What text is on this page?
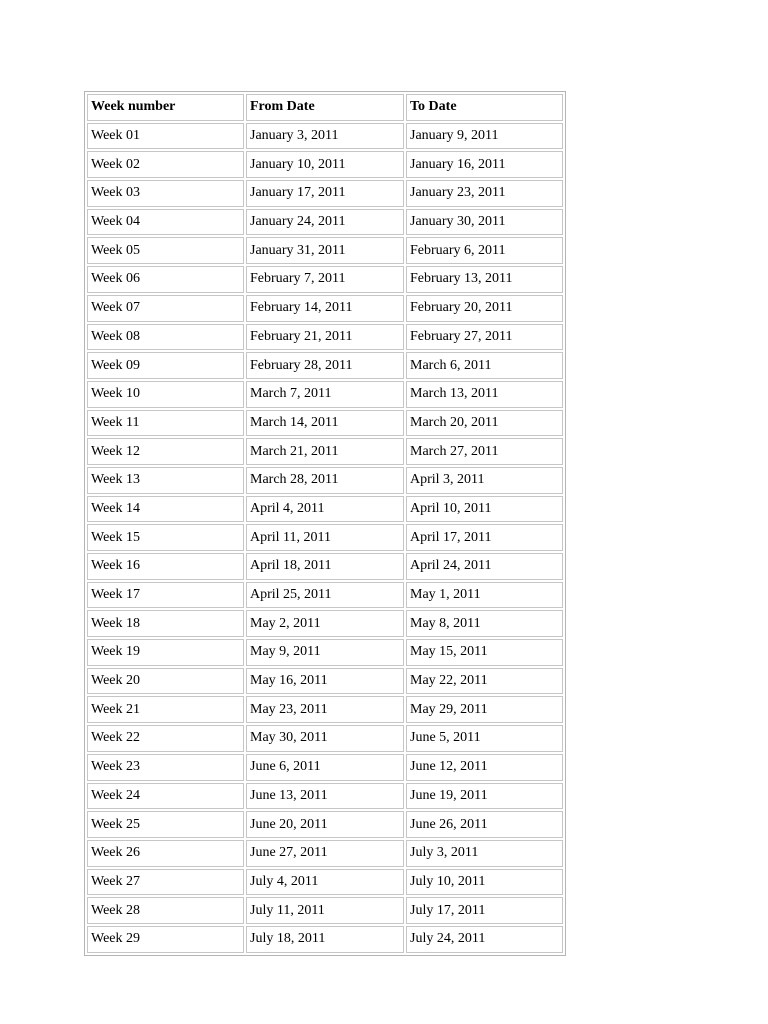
Week number	From Date	To Date
Week 01	January 3, 2011	January 9, 2011
Week 02	January 10, 2011	January 16, 2011
Week 03	January 17, 2011	January 23, 2011
Week 04	January 24, 2011	January 30, 2011
Week 05	January 31, 2011	February 6, 2011
Week 06	February 7, 2011	February 13, 2011
Week 07	February 14, 2011	February 20, 2011
Week 08	February 21, 2011	February 27, 2011
Week 09	February 28, 2011	March 6, 2011
Week 10	March 7, 2011	March 13, 2011
Week 11	March 14, 2011	March 20, 2011
Week 12	March 21, 2011	March 27, 2011
Week 13	March 28, 2011	April 3, 2011
Week 14	April 4, 2011	April 10, 2011
Week 15	April 11, 2011	April 17, 2011
Week 16	April 18, 2011	April 24, 2011
Week 17	April 25, 2011	May 1, 2011
Week 18	May 2, 2011	May 8, 2011
Week 19	May 9, 2011	May 15, 2011
Week 20	May 16, 2011	May 22, 2011
Week 21	May 23, 2011	May 29, 2011
Week 22	May 30, 2011	June 5, 2011
Week 23	June 6, 2011	June 12, 2011
Week 24	June 13, 2011	June 19, 2011
Week 25	June 20, 2011	June 26, 2011
Week 26	June 27, 2011	July 3, 2011
Week 27	July 4, 2011	July 10, 2011
Week 28	July 11, 2011	July 17, 2011
Week 29	July 18, 2011	July 24, 2011
